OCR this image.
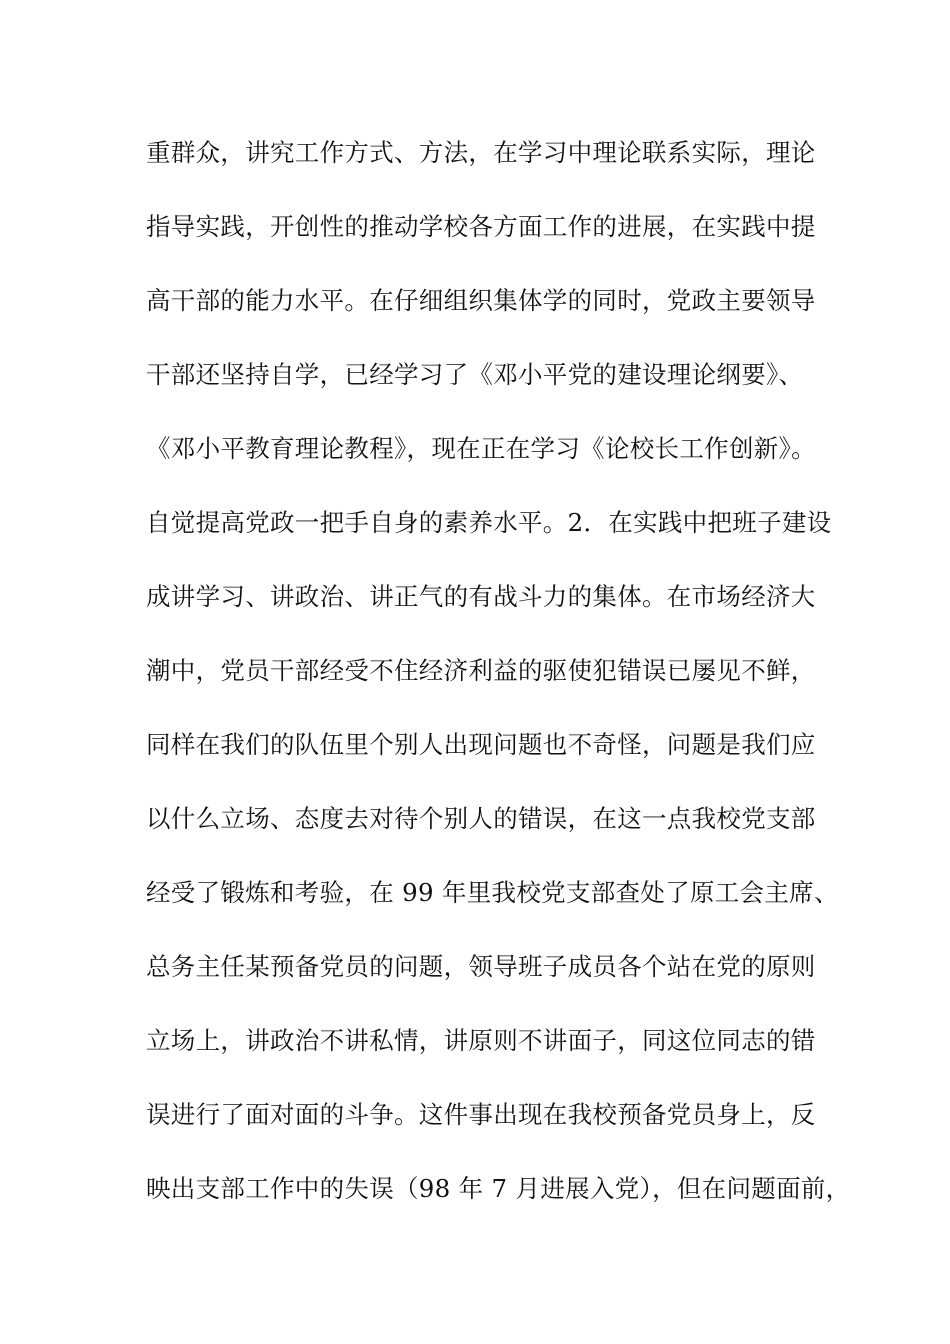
重群众，讲究工作方式、方法，在学习中理论联系实际，理论
指导实践，开创性的推动学校各方面工作的进展，在实践中提
高干部的能力水平。在仔细组织集体学的同时，党政主要领导
干部还坚持自学，已经学习了《邓小平党的建设理论纲要》、
《邓小平教育理论教程》，现在正在学习《论校长工作创新》。
自觉提高党政一把手自身的素养水平。2．在实践中把班子建设
成讲学习、讲政治、讲正气的有战斗力的集体。在市场经济大
潮中，党员干部经受不住经济利益的驱使犯错误已屡见不鲜，
同样在我们的队伍里个别人出现问题也不奇怪，问题是我们应
以什么立场、态度去对待个别人的错误，在这一点我校党支部
经受了锻炼和考验，在 99 年里我校党支部查处了原工会主席、
总务主任某预备党员的问题，领导班子成员各个站在党的原则
立场上，讲政治不讲私情，讲原则不讲面子，同这位同志的错
误进行了面对面的斗争。这件事出现在我校预备党员身上，反
映出支部工作中的失误（98 年 7 月进展入党），但在问题面前，
